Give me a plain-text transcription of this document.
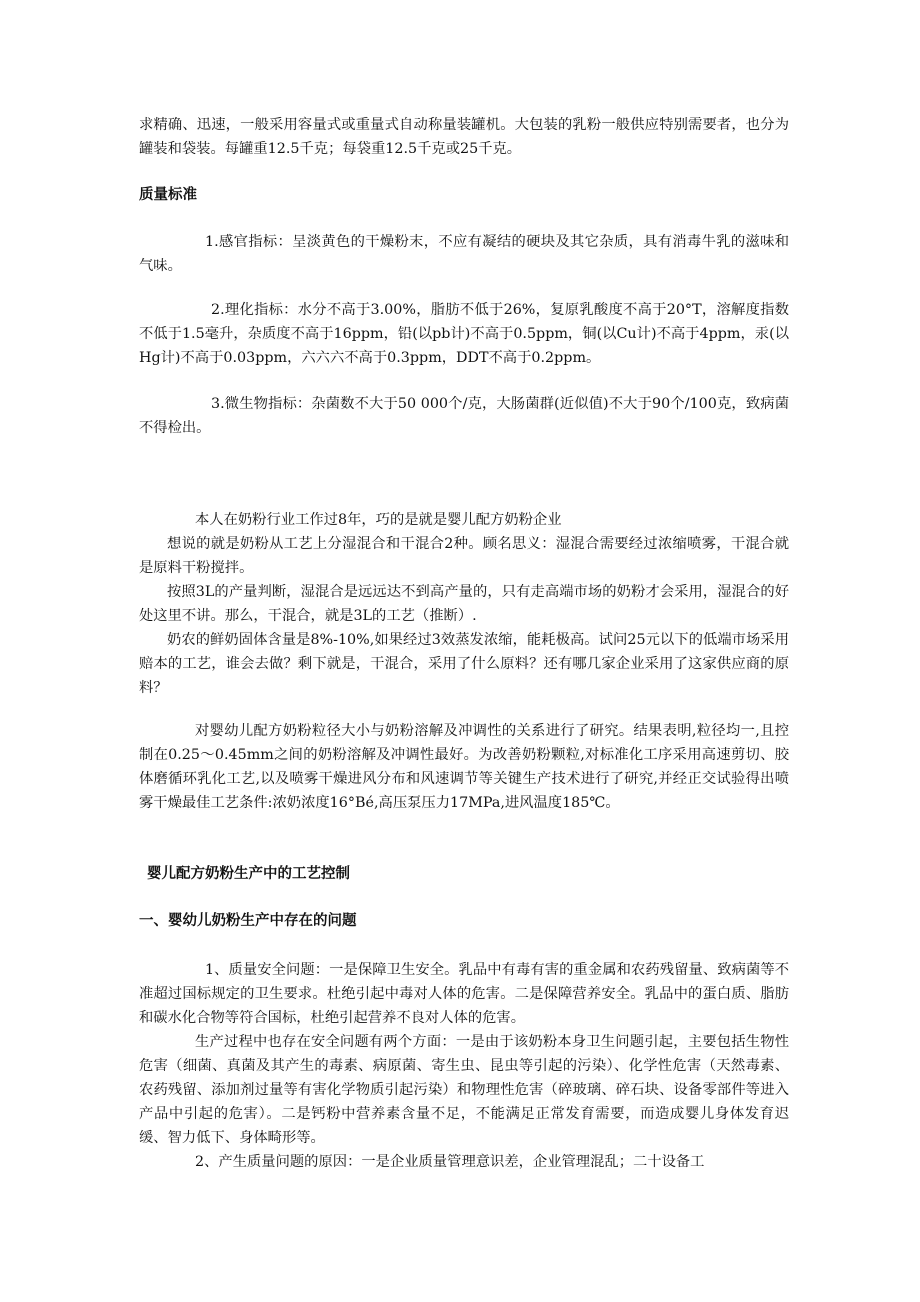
求精确、迅速，一般采用容量式或重量式自动称量装罐机。大包装的乳粉一般供应特别需要者，也分为罐装和袋装。每罐重12.5千克；每袋重12.5千克或25千克。

质量标准

1.感官指标：呈淡黄色的干燥粉末，不应有凝结的硬块及其它杂质，具有消毒牛乳的滋味和气味。

2.理化指标：水分不高于3.00%，脂肪不低于26%，复原乳酸度不高于20°T，溶解度指数不低于1.5毫升，杂质度不高于16ppm，铅(以pb计)不高于0.5ppm，铜(以Cu计)不高于4ppm，汞(以Hg计)不高于0.03ppm，六六六不高于0.3ppm，DDT不高于0.2ppm。

3.微生物指标：杂菌数不大于50 000个/克，大肠菌群(近似值)不大于90个/100克，致病菌不得检出。

本人在奶粉行业工作过8年，巧的是就是婴儿配方奶粉企业

想说的就是奶粉从工艺上分湿混合和干混合2种。顾名思义：湿混合需要经过浓缩喷雾，干混合就是原料干粉搅拌。

按照3L的产量判断，湿混合是远远达不到高产量的，只有走高端市场的奶粉才会采用，湿混合的好处这里不讲。那么，干混合，就是3L的工艺（推断）.

奶农的鲜奶固体含量是8%-10%,如果经过3效蒸发浓缩，能耗极高。试问25元以下的低端市场采用赔本的工艺，谁会去做？剩下就是，干混合，采用了什么原料？还有哪几家企业采用了这家供应商的原料？

对婴幼儿配方奶粉粒径大小与奶粉溶解及冲调性的关系进行了研究。结果表明,粒径均一,且控制在0.25～0.45mm之间的奶粉溶解及冲调性最好。为改善奶粉颗粒,对标准化工序采用高速剪切、胶体磨循环乳化工艺,以及喷雾干燥进风分布和风速调节等关键生产技术进行了研究,并经正交试验得出喷雾干燥最佳工艺条件:浓奶浓度16°Bé,高压泵压力17MPa,进风温度185℃。

婴儿配方奶粉生产中的工艺控制
一、婴幼儿奶粉生产中存在的问题

1、质量安全问题：一是保障卫生安全。乳品中有毒有害的重金属和农药残留量、致病菌等不准超过国标规定的卫生要求。杜绝引起中毒对人体的危害。二是保障营养安全。乳品中的蛋白质、脂肪和碳水化合物等符合国标，杜绝引起营养不良对人体的危害。

生产过程中也存在安全问题有两个方面：一是由于该奶粉本身卫生问题引起，主要包括生物性危害（细菌、真菌及其产生的毒素、病原菌、寄生虫、昆虫等引起的污染）、化学性危害（天然毒素、农药残留、添加剂过量等有害化学物质引起污染）和物理性危害（碎玻璃、碎石块、设备零部件等进入产品中引起的危害）。二是钙粉中营养素含量不足，不能满足正常发育需要，而造成婴儿身体发育迟缓、智力低下、身体畸形等。

2、产生质量问题的原因：一是企业质量管理意识差，企业管理混乱；二十设备工
